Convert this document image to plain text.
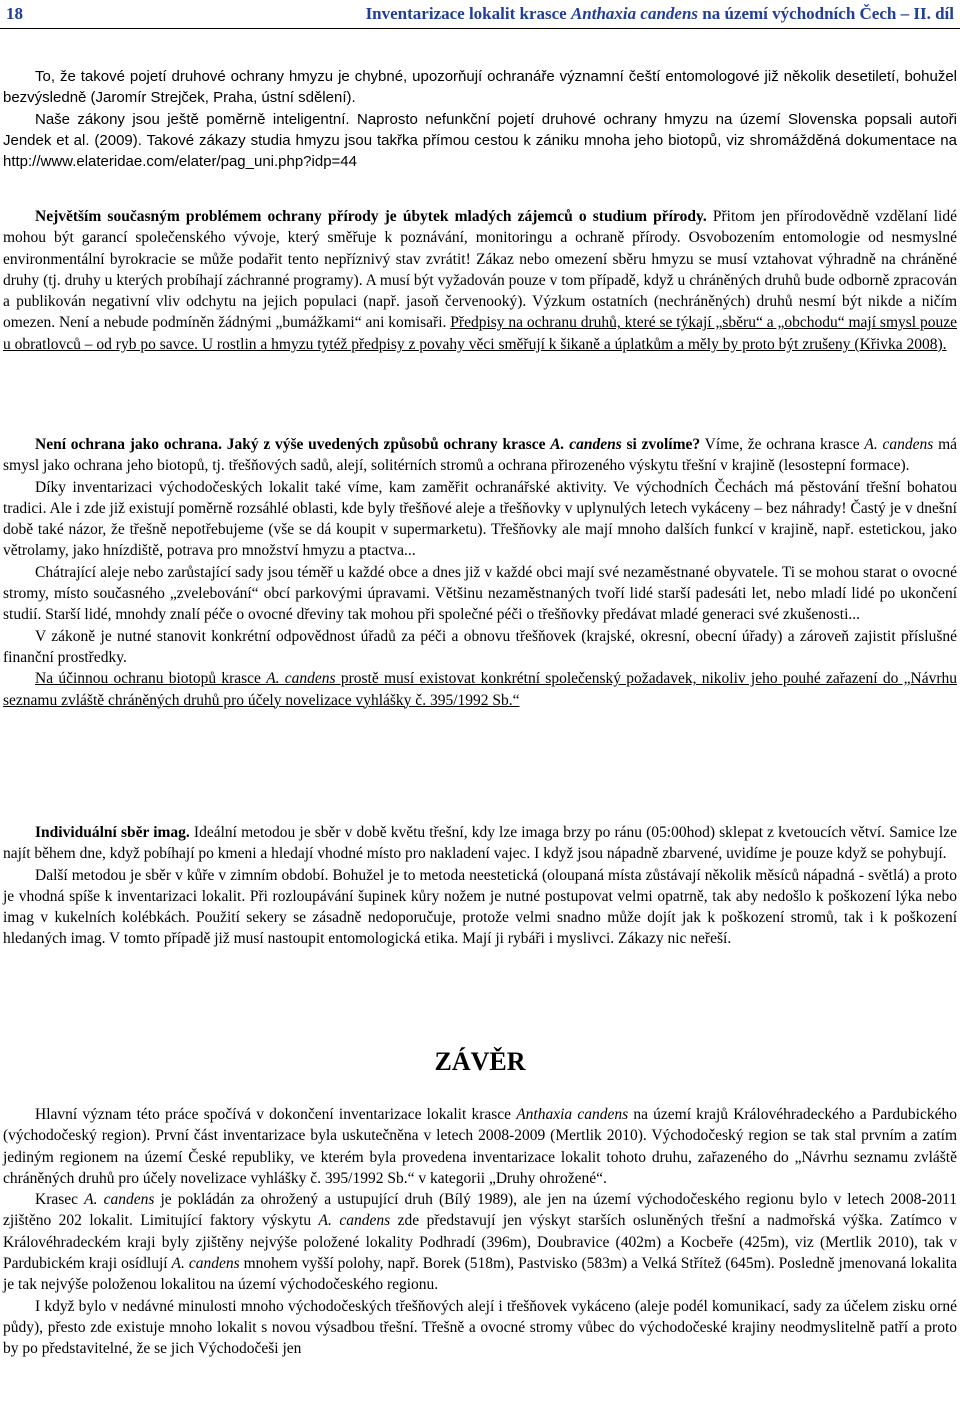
18	Inventarizace lokalit krasce Anthaxia candens na území východních Čech – II. díl

To, že takové pojetí druhové ochrany hmyzu je chybné, upozorňují ochranáře významní čeští entomologové již několik desetiletí, bohužel bezvýsledně (Jaromír Strejček, Praha, ústní sdělení).

Naše zákony jsou ještě poměrně inteligentní. Naprosto nefunkční pojetí druhové ochrany hmyzu na území Slovenska popsali autoři Jendek et al. (2009). Takové zákazy studia hmyzu jsou takřka přímou cestou k zániku mnoha jeho biotopů, viz shromážděná dokumentace na http://www.elateridae.com/elater/pag_uni.php?idp=44

Největším současným problémem ochrany přírody je úbytek mladých zájemců o studium přírody. Přitom jen přírodovědně vzdělaní lidé mohou být garancí společenského vývoje, který směřuje k poznávání, monitoringu a ochraně přírody. Osvobozením entomologie od nesmyslné environmentální byrokracie se může podařit tento nepříznivý stav zvrátit! Zákaz nebo omezení sběru hmyzu se musí vztahovat výhradně na chráněné druhy (tj. druhy u kterých probíhají záchranné programy). A musí být vyžadován pouze v tom případě, když u chráněných druhů bude odborně zpracován a publikován negativní vliv odchytu na jejich populaci (např. jasoň červenooký). Výzkum ostatních (nechráněných) druhů nesmí být nikde a ničím omezen. Není a nebude podmíněn žádnými „bumážkami“ ani komisaři. Předpisy na ochranu druhů, které se týkají „sběru“ a „obchodu“ mají smysl pouze u obratlovců – od ryb po savce. U rostlin a hmyzu tytéž předpisy z povahy věci směřují k šikaně a úplatkům a měly by proto být zrušeny (Křivka 2008).

Není ochrana jako ochrana. Jaký z výše uvedených způsobů ochrany krasce A. candens si zvolíme? Víme, že ochrana krasce A. candens má smysl jako ochrana jeho biotopů, tj. třešňových sadů, alejí, solitérních stromů a ochrana přirozeného výskytu třešní v krajině (lesostepní formace).

Díky inventarizaci východočeských lokalit také víme, kam zaměřit ochranářské aktivity. Ve východních Čechách má pěstování třešní bohatou tradici. Ale i zde již existují poměrně rozsáhlé oblasti, kde byly třešňové aleje a třešňovky v uplynulých letech vykáceny – bez náhrady! Častý je v dnešní době také názor, že třešně nepotřebujeme (vše se dá koupit v supermarketu). Třešňovky ale mají mnoho dalších funkcí v krajině, např. estetickou, jako větrolamy, jako hnízdiště, potrava pro množství hmyzu a ptactva...

Chátrající aleje nebo zarůstající sady jsou téměř u každé obce a dnes již v každé obci mají své nezaměstnané obyvatele. Ti se mohou starat o ovocné stromy, místo současného „zvelebování“ obcí parkovými úpravami. Většinu nezaměstnaných tvoří lidé starší padesáti let, nebo mladí lidé po ukončení studií. Starší lidé, mnohdy znalí péče o ovocné dřeviny tak mohou při společné péči o třešňovky předávat mladé generaci své zkušenosti...

V zákoně je nutné stanovit konkrétní odpovědnost úřadů za péči a obnovu třešňovek (krajské, okresní, obecní úřady) a zároveň zajistit příslušné finanční prostředky.

Na účinnou ochranu biotopů krasce A. candens prostě musí existovat konkrétní společenský požadavek, nikoliv jeho pouhé zařazení do „Návrhu seznamu zvláště chráněných druhů pro účely novelizace vyhlášky č. 395/1992 Sb.“

Individuální sběr imag. Ideální metodou je sběr v době květu třešní, kdy lze imaga brzy po ránu (05:00hod) sklepat z kvetoucích větví. Samice lze najít během dne, když pobíhají po kmeni a hledají vhodné místo pro nakladení vajec. I když jsou nápadně zbarvené, uvidíme je pouze když se pohybují.

Další metodou je sběr v kůře v zimním období. Bohužel je to metoda neestetická (oloupaná místa zůstávají několik měsíců nápadná - světlá) a proto je vhodná spíše k inventarizaci lokalit. Při rozloupávání šupinek kůry nožem je nutné postupovat velmi opatrně, tak aby nedošlo k poškození lýka nebo imag v kukelních kolébkách. Použití sekery se zásadně nedoporučuje, protože velmi snadno může dojít jak k poškození stromů, tak i k poškození hledaných imag. V tomto případě již musí nastoupit entomologická etika. Mají ji rybáři i myslivci. Zákazy nic neřeší.

ZÁVĚR

Hlavní význam této práce spočívá v dokončení inventarizace lokalit krasce Anthaxia candens na území krajů Královéhradeckého a Pardubického (východočeský region). První část inventarizace byla uskutečněna v letech 2008-2009 (Mertlik 2010). Východočeský region se tak stal prvním a zatím jediným regionem na území České republiky, ve kterém byla provedena inventarizace lokalit tohoto druhu, zařazeného do „Návrhu seznamu zvláště chráněných druhů pro účely novelizace vyhlášky č. 395/1992 Sb.“ v kategorii „Druhy ohrožené“.

Krasec A. candens je pokládán za ohrožený a ustupující druh (Bílý 1989), ale jen na území východočeského regionu bylo v letech 2008-2011 zjištěno 202 lokalit. Limitující faktory výskytu A. candens zde představují jen výskyt starších osluněných třešní a nadmořská výška. Zatímco v Královéhradeckém kraji byly zjištěny nejvýše položené lokality Podhradí (396m), Doubravice (402m) a Kocbeře (425m), viz (Mertlik 2010), tak v Pardubickém kraji osídlují A. candens mnohem vyšší polohy, např. Borek (518m), Pastvisko (583m) a Velká Střítež (645m). Posledně jmenovaná lokalita je tak nejvýše položenou lokalitou na území východočeského regionu.

I když bylo v nedávné minulosti mnoho východočeských třešňových alejí i třešňovek vykáceno (aleje podél komunikací, sady za účelem zisku orné půdy), přesto zde existuje mnoho lokalit s novou výsadbou třešní. Třešně a ovocné stromy vůbec do východočeské krajiny neodmyslitelně patří a proto by po představitelné, že se jich Východočeši jen
